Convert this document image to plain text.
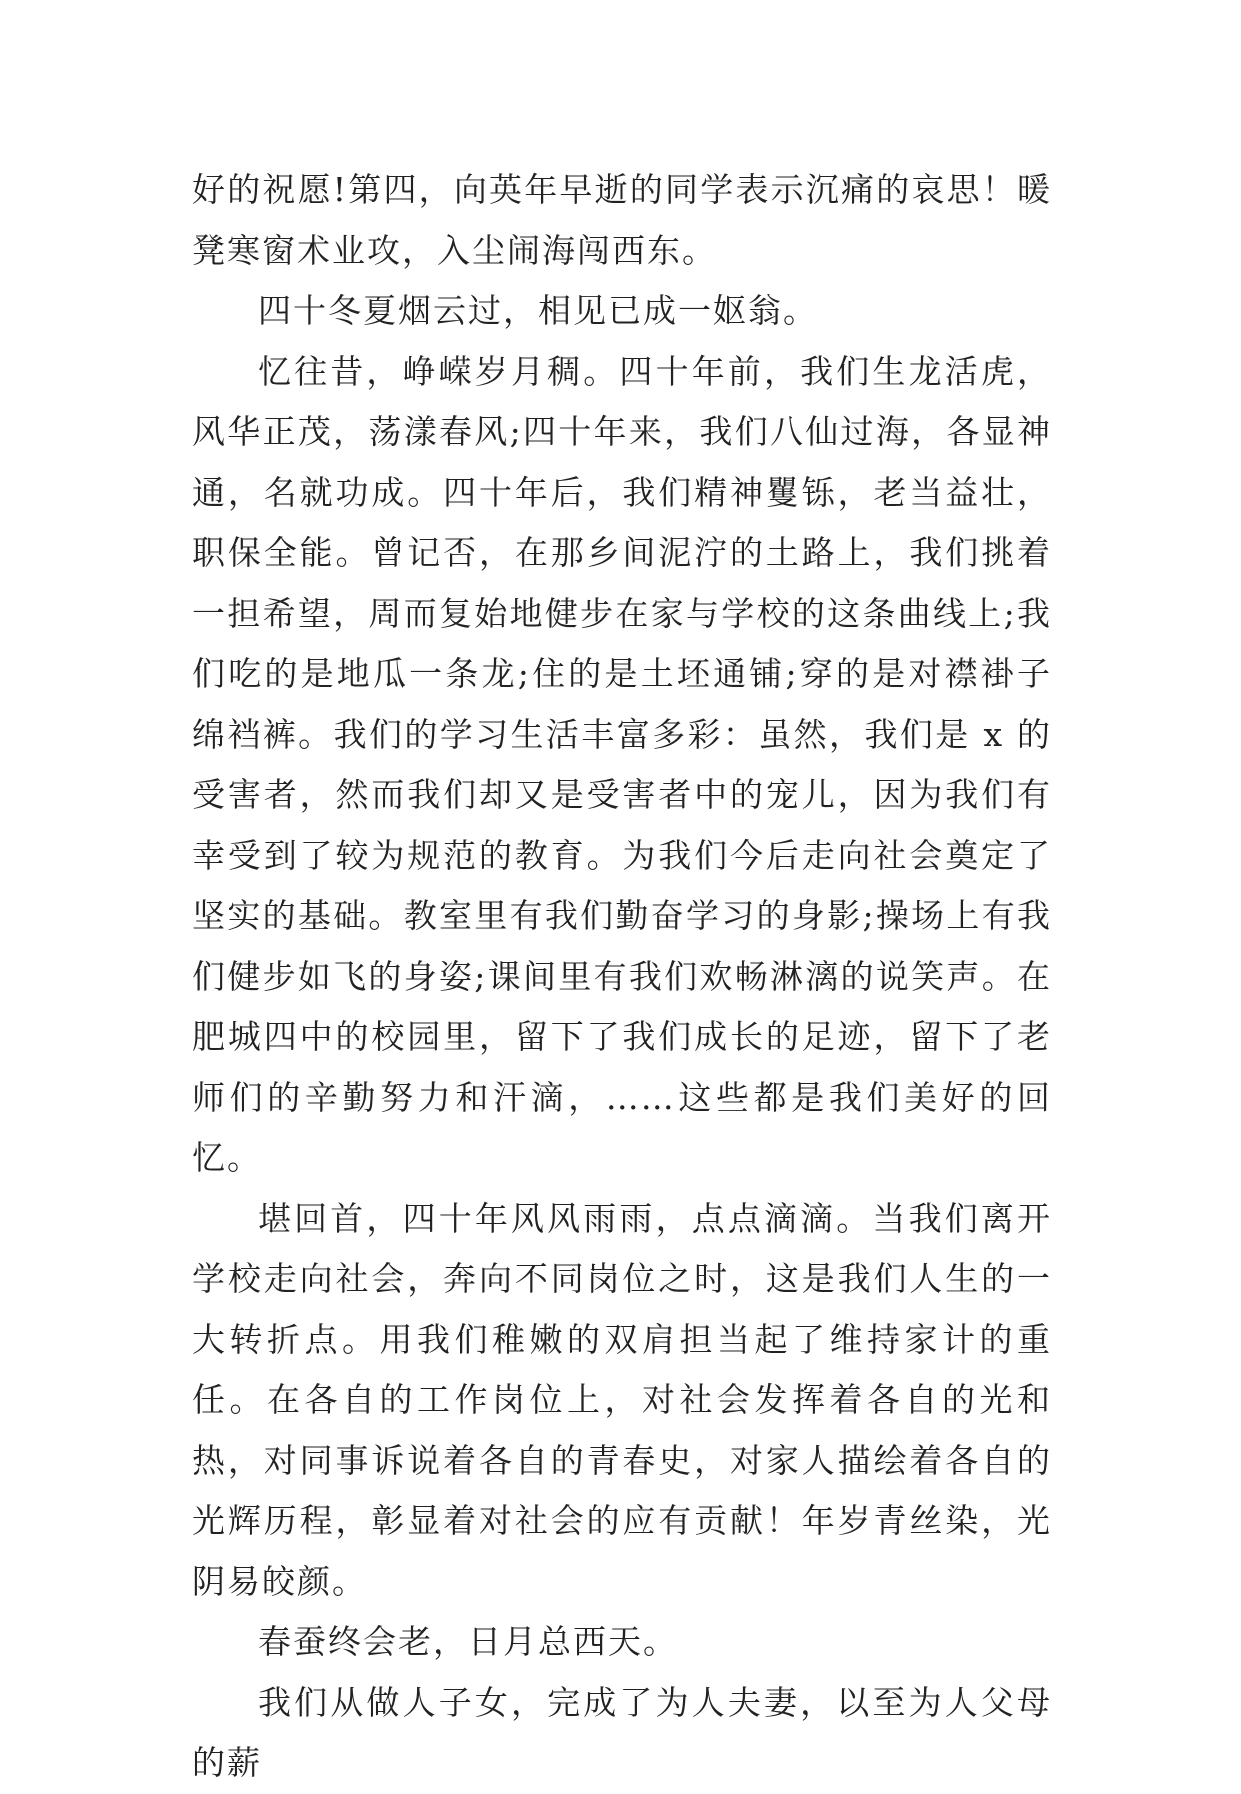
好的祝愿!第四，向英年早逝的同学表示沉痛的哀思！暖凳寒窗术业攻，入尘闹海闯西东。

四十冬夏烟云过，相见已成一妪翁。

忆往昔，峥嵘岁月稠。四十年前，我们生龙活虎，风华正茂，荡漾春风;四十年来，我们八仙过海，各显神通，名就功成。四十年后，我们精神矍铄，老当益壮，职保全能。曾记否，在那乡间泥泞的土路上，我们挑着一担希望，周而复始地健步在家与学校的这条曲线上;我们吃的是地瓜一条龙;住的是土坯通铺;穿的是对襟褂子绵裆裤。我们的学习生活丰富多彩：虽然，我们是 x 的受害者，然而我们却又是受害者中的宠儿，因为我们有幸受到了较为规范的教育。为我们今后走向社会奠定了坚实的基础。教室里有我们勤奋学习的身影;操场上有我们健步如飞的身姿;课间里有我们欢畅淋漓的说笑声。在肥城四中的校园里，留下了我们成长的足迹，留下了老师们的辛勤努力和汗滴，……这些都是我们美好的回忆。

堪回首，四十年风风雨雨，点点滴滴。当我们离开学校走向社会，奔向不同岗位之时，这是我们人生的一大转折点。用我们稚嫩的双肩担当起了维持家计的重任。在各自的工作岗位上，对社会发挥着各自的光和热，对同事诉说着各自的青春史，对家人描绘着各自的光辉历程，彰显着对社会的应有贡献！年岁青丝染，光阴易皎颜。

春蚕终会老，日月总西天。

我们从做人子女，完成了为人夫妻，以至为人父母的薪
